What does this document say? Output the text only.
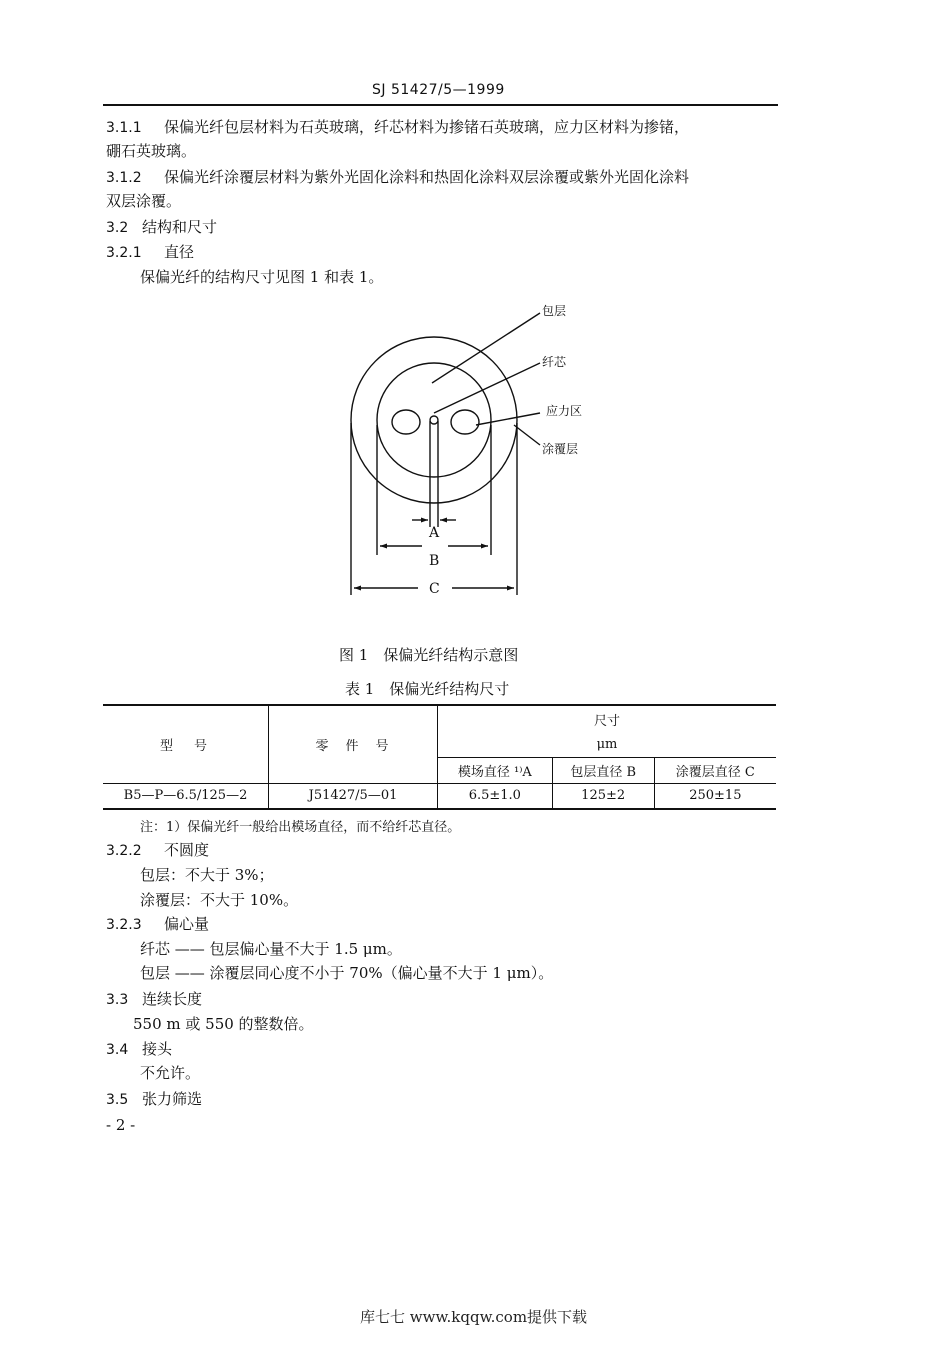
SJ 51427/5—1999
3.1.1 保偏光纤包层材料为石英玻璃，纤芯材料为掺锗石英玻璃，应力区材料为掺锗，
硼石英玻璃。
3.1.2 保偏光纤涂覆层材料为紫外光固化涂料和热固化涂料双层涂覆或紫外光固化涂料
双层涂覆。
3.2 结构和尺寸
3.2.1 直径
保偏光纤的结构尺寸见图 1 和表 1。
包层
纤芯
应力区
涂覆层
A
B
C
图 1　保偏光纤结构示意图
表 1　保偏光纤结构尺寸
型　号	零　件　号	尺寸		
		μm		
		模场直径 ¹⁾A	包层直径 B	涂覆层直径 C
B5—P—6.5/125—2	J51427/5—01	6.5±1.0	125±2	250±15
注：1）保偏光纤一般给出模场直径，而不给纤芯直径。
3.2.2 不圆度
包层：不大于 3%；
涂覆层：不大于 10%。
3.2.3 偏心量
纤芯 —— 包层偏心量不大于 1.5 μm。
包层 —— 涂覆层同心度不小于 70%（偏心量不大于 1 μm）。
3.3 连续长度
550 m 或 550 的整数倍。
3.4 接头
不允许。
3.5 张力筛选
- 2 -
库七七 www.kqqw.com提供下载
